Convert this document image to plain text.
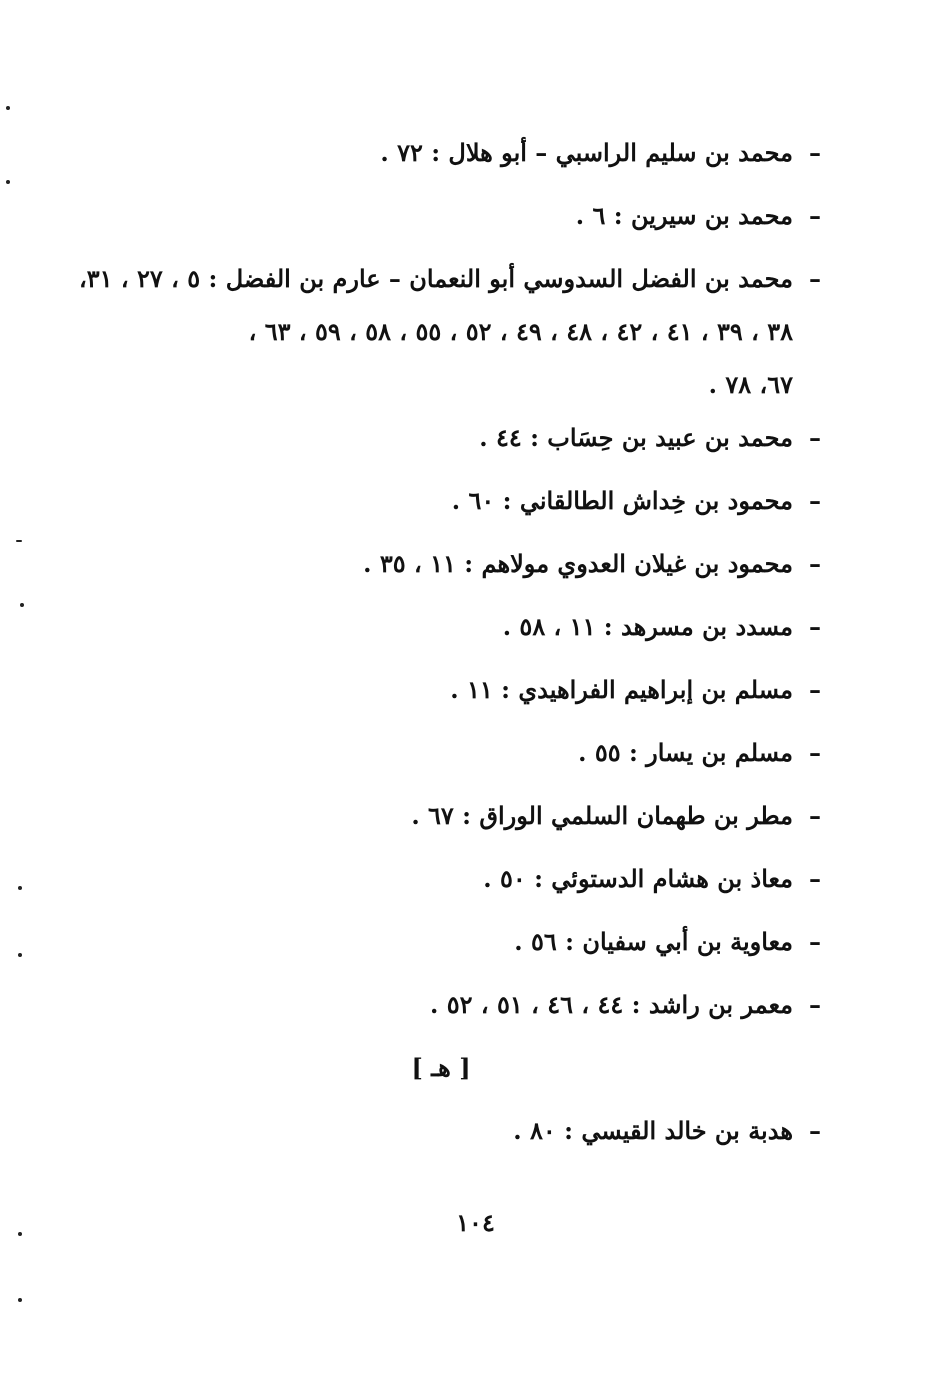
–
محمد بن سليم الراسبي – أبو هلال : ٧٢ .
–
محمد بن سيرين : ٦ .
–
محمد بن الفضل السدوسي أبو النعمان – عارم بن الفضل : ٥ ، ٢٧ ، ٣١،
٣٨ ، ٣٩ ، ٤١ ، ٤٢ ، ٤٨ ، ٤٩ ، ٥٢ ، ٥٥ ، ٥٨ ، ٥٩ ، ٦٣ ،
٦٧، ٧٨ .
–
محمد بن عبيد بن حِسَاب : ٤٤ .
–
محمود بن خِداش الطالقاني : ٦٠ .
–
محمود بن غيلان العدوي مولاهم : ١١ ، ٣٥ .
–
مسدد بن مسرهد : ١١ ، ٥٨ .
–
مسلم بن إبراهيم الفراهيدي : ١١ .
–
مسلم بن يسار : ٥٥ .
–
مطر بن طهمان السلمي الوراق : ٦٧ .
–
معاذ بن هشام الدستوئي : ٥٠ .
–
معاوية بن أبي سفيان : ٥٦ .
–
معمر بن راشد : ٤٤ ، ٤٦ ، ٥١ ، ٥٢ .
[ هـ ]
–
هدبة بن خالد القيسي : ٨٠ .
١٠٤
